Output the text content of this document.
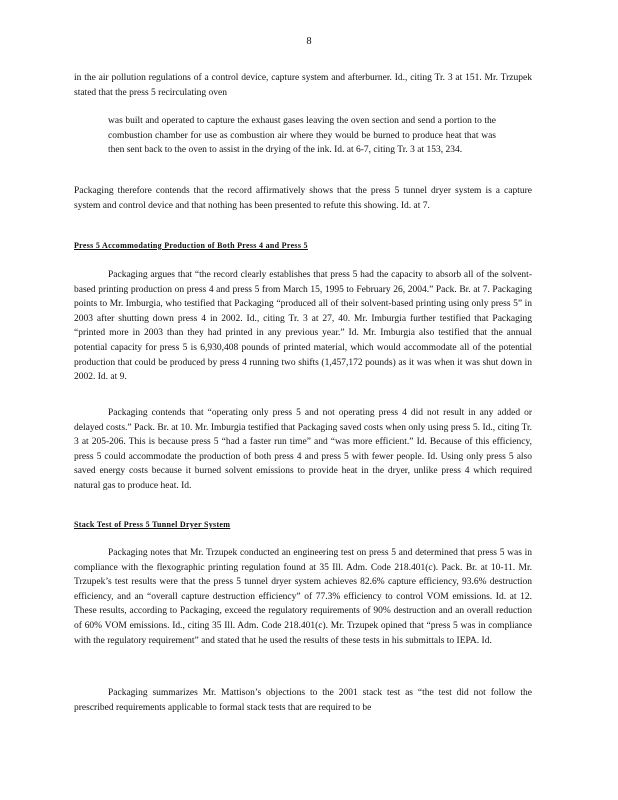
8

in the air pollution regulations of a control device, capture system and afterburner. Id., citing Tr. 3 at 151. Mr. Trzupek stated that the press 5 recirculating oven

was built and operated to capture the exhaust gases leaving the oven section and send a portion to the combustion chamber for use as combustion air where they would be burned to produce heat that was then sent back to the oven to assist in the drying of the ink. Id. at 6-7, citing Tr. 3 at 153, 234.

Packaging therefore contends that the record affirmatively shows that the press 5 tunnel dryer system is a capture system and control device and that nothing has been presented to refute this showing. Id. at 7.

Press 5 Accommodating Production of Both Press 4 and Press 5

Packaging argues that “the record clearly establishes that press 5 had the capacity to absorb all of the solvent-based printing production on press 4 and press 5 from March 15, 1995 to February 26, 2004.” Pack. Br. at 7. Packaging points to Mr. Imburgia, who testified that Packaging “produced all of their solvent-based printing using only press 5” in 2003 after shutting down press 4 in 2002. Id., citing Tr. 3 at 27, 40. Mr. Imburgia further testified that Packaging “printed more in 2003 than they had printed in any previous year.” Id. Mr. Imburgia also testified that the annual potential capacity for press 5 is 6,930,408 pounds of printed material, which would accommodate all of the potential production that could be produced by press 4 running two shifts (1,457,172 pounds) as it was when it was shut down in 2002. Id. at 9.

Packaging contends that “operating only press 5 and not operating press 4 did not result in any added or delayed costs.” Pack. Br. at 10. Mr. Imburgia testified that Packaging saved costs when only using press 5. Id., citing Tr. 3 at 205-206. This is because press 5 “had a faster run time” and “was more efficient.” Id. Because of this efficiency, press 5 could accommodate the production of both press 4 and press 5 with fewer people. Id. Using only press 5 also saved energy costs because it burned solvent emissions to provide heat in the dryer, unlike press 4 which required natural gas to produce heat. Id.

Stack Test of Press 5 Tunnel Dryer System

Packaging notes that Mr. Trzupek conducted an engineering test on press 5 and determined that press 5 was in compliance with the flexographic printing regulation found at 35 Ill. Adm. Code 218.401(c). Pack. Br. at 10-11. Mr. Trzupek’s test results were that the press 5 tunnel dryer system achieves 82.6% capture efficiency, 93.6% destruction efficiency, and an “overall capture destruction efficiency” of 77.3% efficiency to control VOM emissions. Id. at 12. These results, according to Packaging, exceed the regulatory requirements of 90% destruction and an overall reduction of 60% VOM emissions. Id., citing 35 Ill. Adm. Code 218.401(c). Mr. Trzupek opined that “press 5 was in compliance with the regulatory requirement” and stated that he used the results of these tests in his submittals to IEPA. Id.

Packaging summarizes Mr. Mattison’s objections to the 2001 stack test as “the test did not follow the prescribed requirements applicable to formal stack tests that are required to be
